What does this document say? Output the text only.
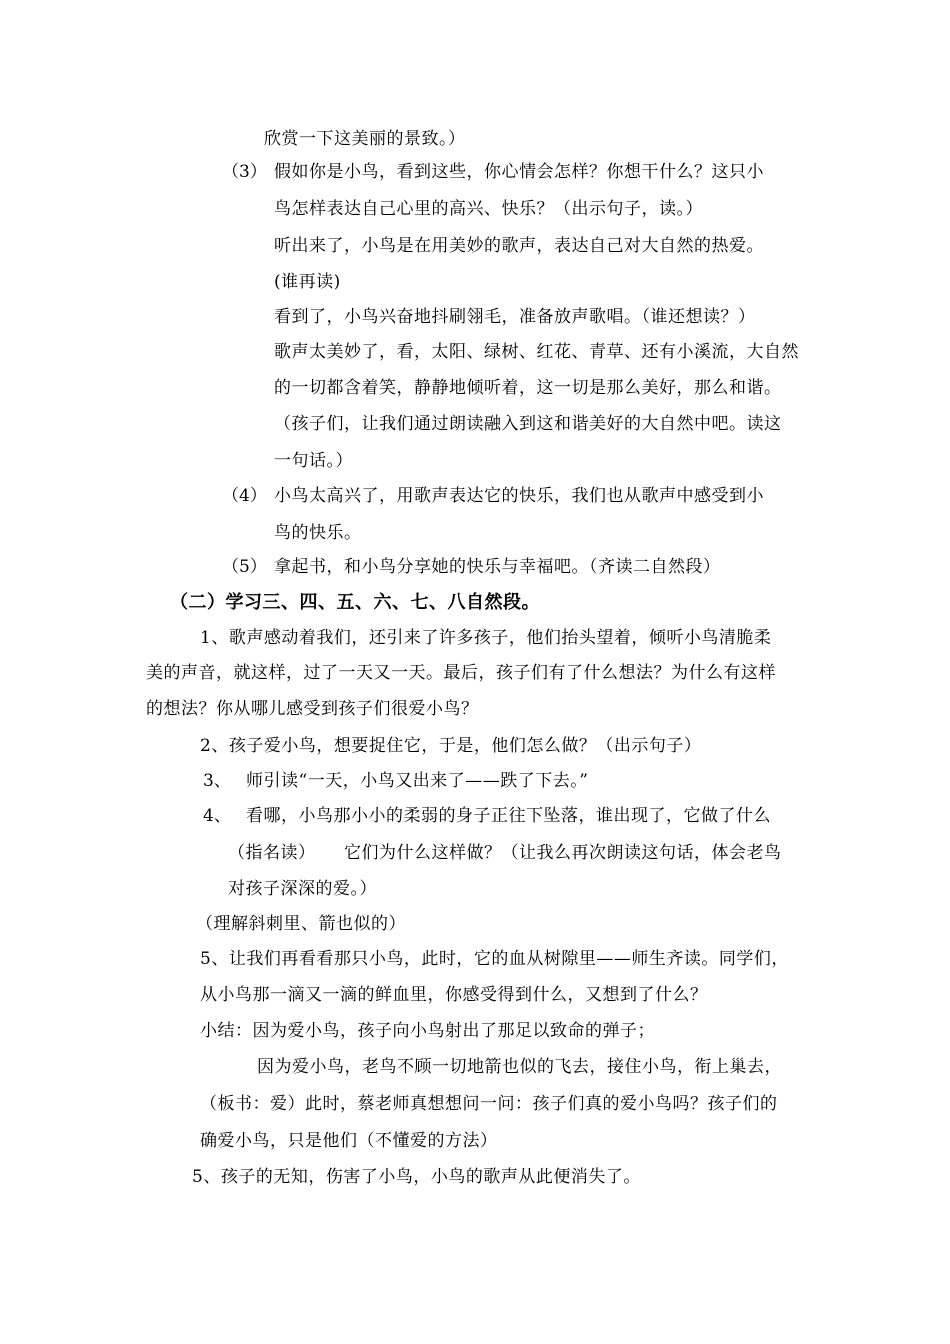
欣赏一下这美丽的景致。）
（3） 假如你是小鸟，看到这些，你心情会怎样？你想干什么？这只小
鸟怎样表达自己心里的高兴、快乐？（出示句子，读。）
听出来了，小鸟是在用美妙的歌声，表达自己对大自然的热爱。
(谁再读)
看到了，小鸟兴奋地抖刷翎毛，准备放声歌唱。（谁还想读？）
歌声太美妙了，看，太阳、绿树、红花、青草、还有小溪流，大自然
的一切都含着笑，静静地倾听着，这一切是那么美好，那么和谐。
（孩子们，让我们通过朗读融入到这和谐美好的大自然中吧。读这
一句话。）
（4） 小鸟太高兴了，用歌声表达它的快乐，我们也从歌声中感受到小
鸟的快乐。
（5） 拿起书，和小鸟分享她的快乐与幸福吧。（齐读二自然段）
（二）学习三、四、五、六、七、八自然段。
1、歌声感动着我们，还引来了许多孩子，他们抬头望着，倾听小鸟清脆柔
美的声音，就这样，过了一天又一天。最后，孩子们有了什么想法？为什么有这样
的想法？你从哪儿感受到孩子们很爱小鸟？
2、孩子爱小鸟，想要捉住它，于是，他们怎么做？（出示句子）
3、 师引读“一天，小鸟又出来了——跌了下去。”
4、 看哪，小鸟那小小的柔弱的身子正往下坠落，谁出现了，它做了什么
（指名读） 它们为什么这样做？（让我么再次朗读这句话，体会老鸟
对孩子深深的爱。）
（理解斜刺里、箭也似的）
5、让我们再看看那只小鸟，此时，它的血从树隙里——师生齐读。同学们，
从小鸟那一滴又一滴的鲜血里，你感受得到什么，又想到了什么？
小结：因为爱小鸟，孩子向小鸟射出了那足以致命的弹子；
因为爱小鸟，老鸟不顾一切地箭也似的飞去，接住小鸟，衔上巢去，
（板书：爱）此时，蔡老师真想想问一问：孩子们真的爱小鸟吗？孩子们的
确爱小鸟，只是他们（不懂爱的方法）
5、孩子的无知，伤害了小鸟，小鸟的歌声从此便消失了。
